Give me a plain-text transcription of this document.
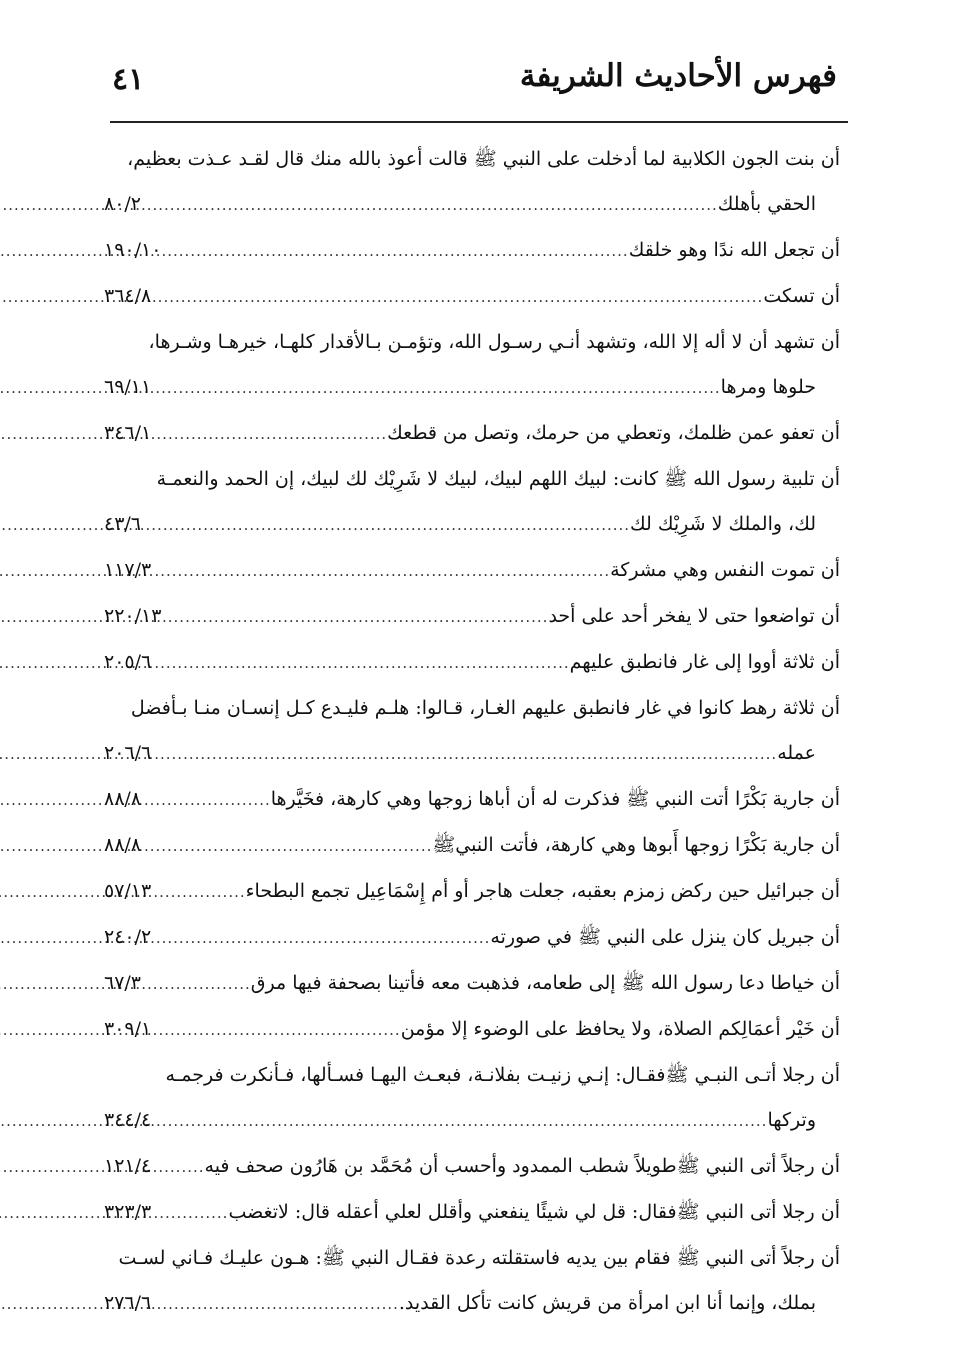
فهرس الأحاديث الشريفة
٤١
أن بنت الجون الكلابية لما أدخلت على النبي ﷺ قالت أعوذ بالله منك قال لقـد عـذت بعظيم،
الحقي بأهلك
.....
٨٠/٢
أن تجعل الله ندًا وهو خلقك
.....
١٩٠/١٠
أن تسكت
.....
٣٦٤/٨
أن تشهد أن لا أله إلا الله، وتشهد أنـي رسـول الله، وتؤمـن بـالأقدار كلهـا، خيرهـا وشـرها،
حلوها ومرها
.....
٦٩/١١
أن تعفو عمن ظلمك، وتعطي من حرمك، وتصل من قطعك
.....
٣٤٦/١
أن تلبية رسول الله ﷺ كانت: لبيك اللهم لبيك، لبيك لا شَرِيْك لك لبيك، إن الحمد والنعمـة
لك، والملك لا شَرِيْك لك
.....
٤٣/٦
أن تموت النفس وهي مشركة
.....
١١٧/٣
أن تواضعوا حتى لا يفخر أحد على أحد
.....
٢٢٠/١٣
أن ثلاثة أووا إلى غار فانطبق عليهم
.....
٢٠٥/٦
أن ثلاثة رهط كانوا في غار فانطبق عليهم الغـار، قـالوا: هلـم فليـدع كـل إنسـان منـا بـأفضل
عمله
.....
٢٠٦/٦
أن جارية بَكْرًا أتت النبي ﷺ فذكرت له أن أباها زوجها وهي كارهة، فخَيَّرها
.....
٨٨/٨
أن جارية بَكْرًا زوجها أَبوها وهي كارهة، فأتت النبيﷺ
.....
٨٨/٨
أن جبرائيل حين ركض زمزم بعقبه، جعلت هاجر أو أم إِسْمَاعِيل تجمع البطحاء
.....
٥٧/١٣
أن جبريل كان ينزل على النبي ﷺ في صورته
.....
٢٤٠/٢
أن خياطا دعا رسول الله ﷺ إلى طعامه، فذهبت معه فأتينا بصحفة فيها مرق
.....
٦٧/٣
أن خَيْر أعمَالِكم الصلاة، ولا يحافظ على الوضوء إلا مؤمن
.....
٣٠٩/١
أن رجلا أتـى النبـي ﷺفقـال: إنـي زنيـت بفلانـة، فبعـث اليهـا فسـألها، فـأنكرت فرجمـه
وتركها
.....
٣٤٤/٤
أن رجلاً أتى النبي ﷺطويلاً شطب الممدود وأحسب أن مُحَمَّد بن هَارُون صحف فيه
.....
١٢١/٤
أن رجلا أتى النبي ﷺفقال: قل لي شيئًا ينفعني وأقلل لعلي أعقله قال: لاتغضب
.....
٣٢٣/٣
أن رجلاً أتى النبي ﷺ فقام بين يديه فاستقلته رعدة فقـال النبي ﷺ: هـون عليـك فـاني لسـت
بملك، وإنما أنا ابن امرأة من قريش كانت تأكل القديد.
.....
٢٧٦/٦
